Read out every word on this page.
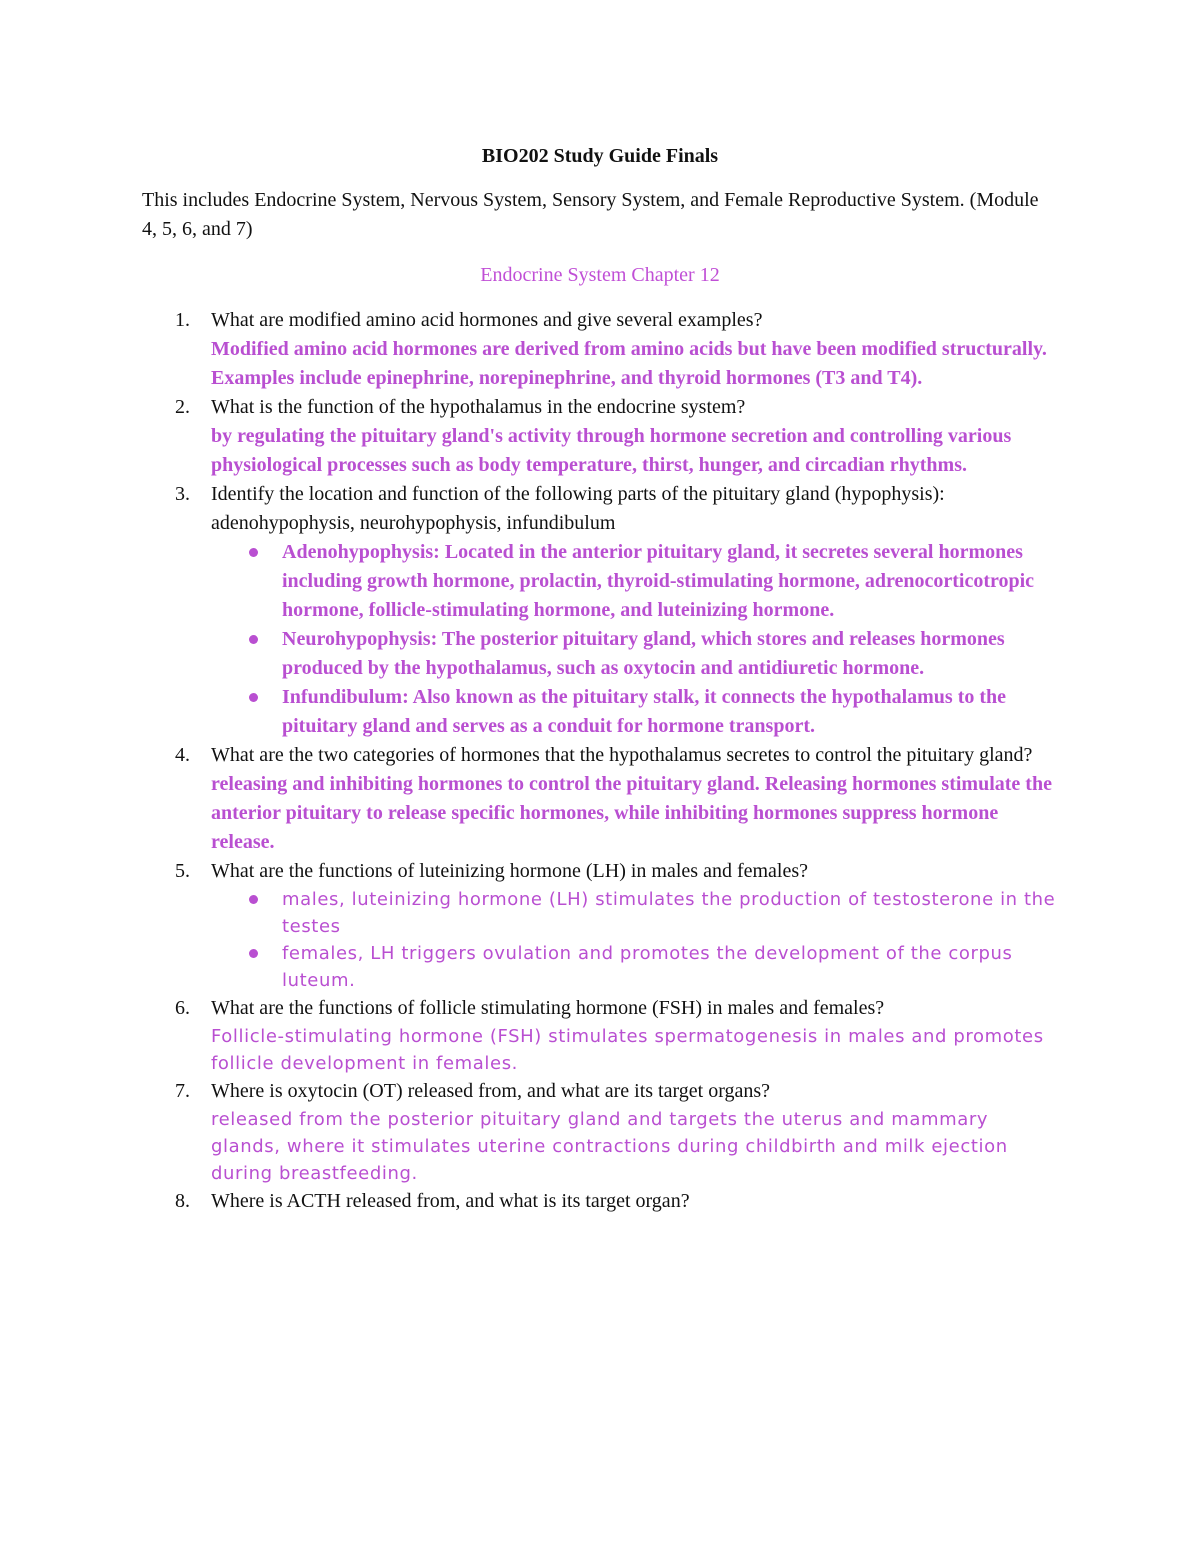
BIO202 Study Guide Finals
This includes Endocrine System, Nervous System, Sensory System, and Female Reproductive System. (Module 4, 5, 6, and 7)
Endocrine System Chapter 12
1. What are modified amino acid hormones and give several examples?
Modified amino acid hormones are derived from amino acids but have been modified structurally. Examples include epinephrine, norepinephrine, and thyroid hormones (T3 and T4).
2. What is the function of the hypothalamus in the endocrine system?
by regulating the pituitary gland's activity through hormone secretion and controlling various physiological processes such as body temperature, thirst, hunger, and circadian rhythms.
3. Identify the location and function of the following parts of the pituitary gland (hypophysis): adenohypophysis, neurohypophysis, infundibulum
Adenohypophysis: Located in the anterior pituitary gland, it secretes several hormones including growth hormone, prolactin, thyroid-stimulating hormone, adrenocorticotropic hormone, follicle-stimulating hormone, and luteinizing hormone.
Neurohypophysis: The posterior pituitary gland, which stores and releases hormones produced by the hypothalamus, such as oxytocin and antidiuretic hormone.
Infundibulum: Also known as the pituitary stalk, it connects the hypothalamus to the pituitary gland and serves as a conduit for hormone transport.
4. What are the two categories of hormones that the hypothalamus secretes to control the pituitary gland?
releasing and inhibiting hormones to control the pituitary gland. Releasing hormones stimulate the anterior pituitary to release specific hormones, while inhibiting hormones suppress hormone release.
5. What are the functions of luteinizing hormone (LH) in males and females?
males, luteinizing hormone (LH) stimulates the production of testosterone in the testes
females, LH triggers ovulation and promotes the development of the corpus luteum.
6. What are the functions of follicle stimulating hormone (FSH) in males and females?
Follicle-stimulating hormone (FSH) stimulates spermatogenesis in males and promotes follicle development in females.
7. Where is oxytocin (OT) released from, and what are its target organs?
released from the posterior pituitary gland and targets the uterus and mammary glands, where it stimulates uterine contractions during childbirth and milk ejection during breastfeeding.
8. Where is ACTH released from, and what is its target organ?
